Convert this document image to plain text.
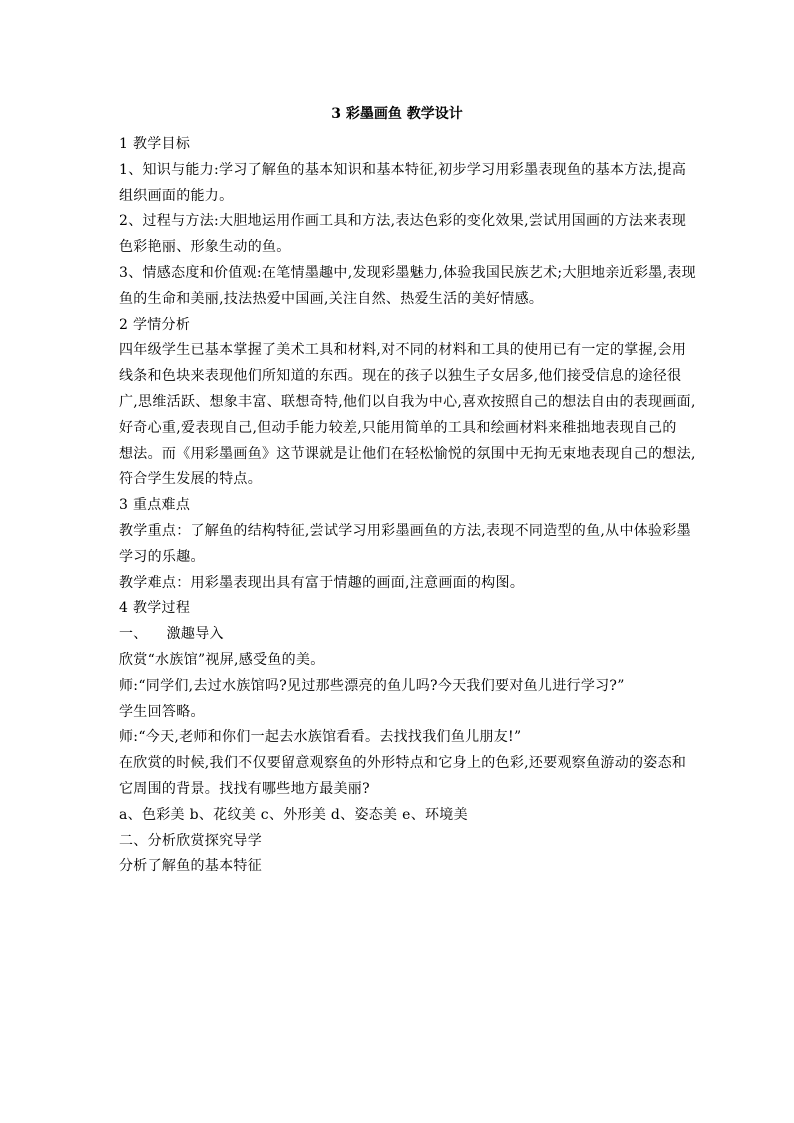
3 彩墨画鱼 教学设计

1 教学目标

1、知识与能力:学习了解鱼的基本知识和基本特征,初步学习用彩墨表现鱼的基本方法,提高

组织画面的能力。

2、过程与方法:大胆地运用作画工具和方法,表达色彩的变化效果,尝试用国画的方法来表现

色彩艳丽、形象生动的鱼。

3、情感态度和价值观:在笔情墨趣中,发现彩墨魅力,体验我国民族艺术;大胆地亲近彩墨,表现

鱼的生命和美丽,技法热爱中国画,关注自然、热爱生活的美好情感。

2 学情分析

四年级学生已基本掌握了美术工具和材料,对不同的材料和工具的使用已有一定的掌握,会用

线条和色块来表现他们所知道的东西。现在的孩子以独生子女居多,他们接受信息的途径很

广,思维活跃、想象丰富、联想奇特,他们以自我为中心,喜欢按照自己的想法自由的表现画面,

好奇心重,爱表现自己,但动手能力较差,只能用简单的工具和绘画材料来稚拙地表现自己的

想法。而《用彩墨画鱼》这节课就是让他们在轻松愉悦的氛围中无拘无束地表现自己的想法,

符合学生发展的特点。

3 重点难点

教学重点：了解鱼的结构特征,尝试学习用彩墨画鱼的方法,表现不同造型的鱼,从中体验彩墨

学习的乐趣。

教学难点：用彩墨表现出具有富于情趣的画面,注意画面的构图。

4 教学过程

一、    激趣导入

欣赏“水族馆”视屏,感受鱼的美。

师:“同学们,去过水族馆吗?见过那些漂亮的鱼儿吗?今天我们要对鱼儿进行学习?”

学生回答略。

师:“今天,老师和你们一起去水族馆看看。去找找我们鱼儿朋友!”

在欣赏的时候,我们不仅要留意观察鱼的外形特点和它身上的色彩,还要观察鱼游动的姿态和

它周围的背景。找找有哪些地方最美丽?

a、色彩美 b、花纹美 c、外形美 d、姿态美 e、环境美

二、分析欣赏探究导学

分析了解鱼的基本特征
